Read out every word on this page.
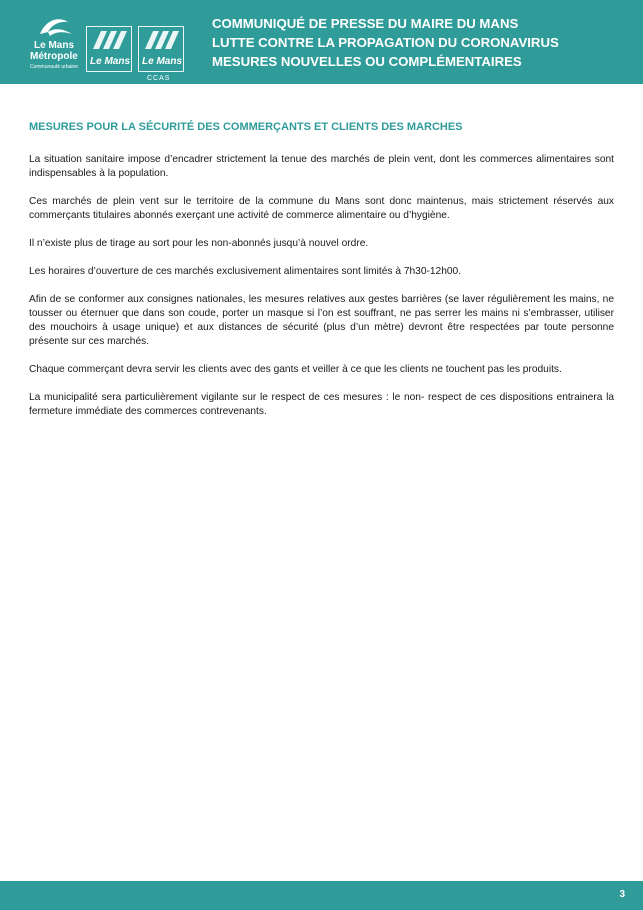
Le Mans
Métropole
Communauté urbaine Le Mans Le Mans
CCAS
COMMUNIQUÉ DE PRESSE DU MAIRE DU MANS
LUTTE CONTRE LA PROPAGATION DU CORONAVIRUS
MESURES NOUVELLES OU COMPLÉMENTAIRES
MESURES POUR LA SÉCURITÉ DES COMMERÇANTS ET CLIENTS DES MARCHES

La situation sanitaire impose d’encadrer strictement la tenue des marchés de plein vent, dont les commerces alimentaires sont indispensables à la population.

Ces marchés de plein vent sur le territoire de la commune du Mans sont donc maintenus, mais strictement réservés aux commerçants titulaires abonnés exerçant une activité de commerce alimentaire ou d’hygiène.

Il n’existe plus de tirage au sort pour les non-abonnés jusqu’à nouvel ordre.

Les horaires d’ouverture de ces marchés exclusivement alimentaires sont limités à 7h30-12h00.

Afin de se conformer aux consignes nationales, les mesures relatives aux gestes barrières (se laver régulièrement les mains, ne tousser ou éternuer que dans son coude, porter un masque si l’on est souffrant, ne pas serrer les mains ni s’embrasser, utiliser des mouchoirs à usage unique) et aux distances de sécurité (plus d’un mètre) devront être respectées par toute personne présente sur ces marchés.

Chaque commerçant devra servir les clients avec des gants et veiller à ce que les clients ne touchent pas les produits.

La municipalité sera particulièrement vigilante sur le respect de ces mesures : le non- respect de ces dispositions entrainera la fermeture immédiate des commerces contrevenants.

3
